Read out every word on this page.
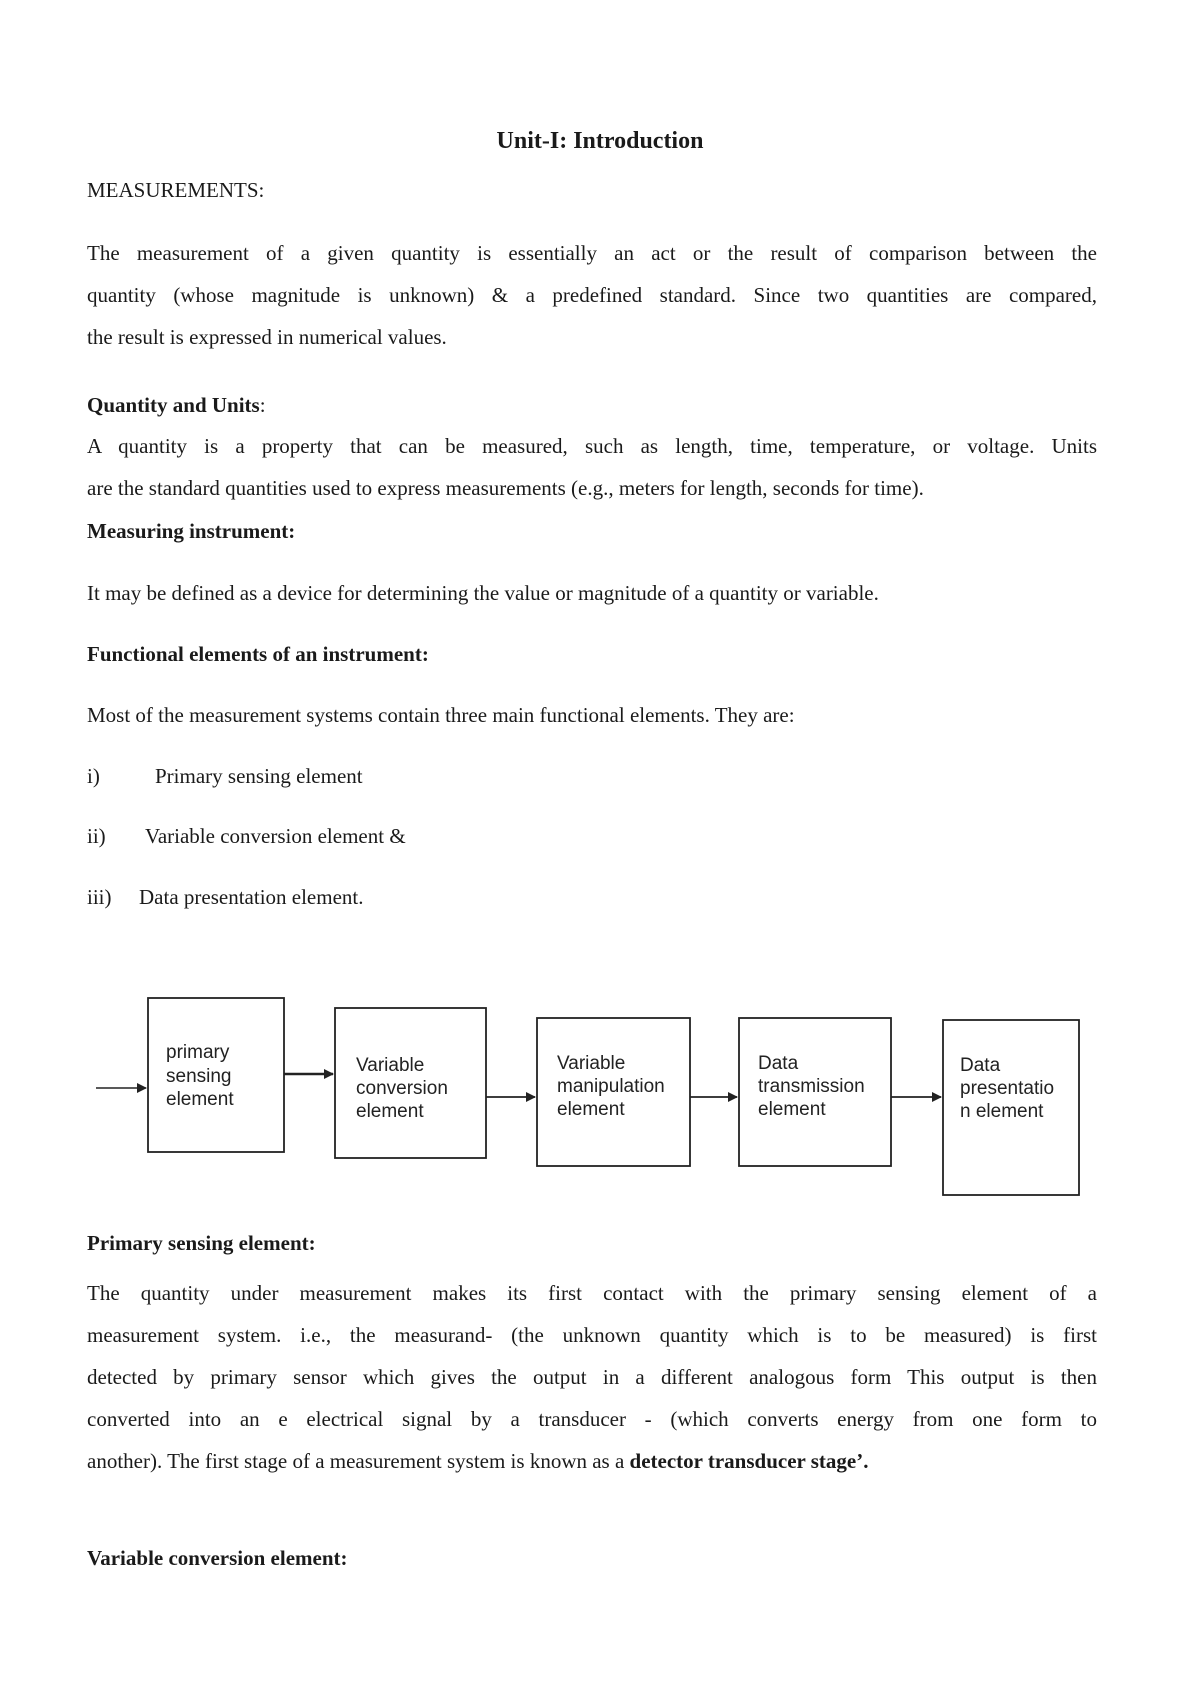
Unit-I: Introduction
MEASUREMENTS:
The measurement of a given quantity is essentially an act or the result of comparison between the
quantity (whose magnitude is unknown) & a predefined standard. Since two quantities are compared,
the result is expressed in numerical values.
Quantity and Units:
A quantity is a property that can be measured, such as length, time, temperature, or voltage. Units
are the standard quantities used to express measurements (e.g., meters for length, seconds for time).
Measuring instrument:
It may be defined as a device for determining the value or magnitude of a quantity or variable.
Functional elements of an instrument:
Most of the measurement systems contain three main functional elements. They are:
i)	Primary sensing element
ii) Variable conversion element &
iii) Data presentation element.
primary sensing element
Variable conversion element
Variable manipulation element
Data transmission element
Data presentatio n element
Primary sensing element:
The quantity under measurement makes its first contact with the primary sensing element of a
measurement system. i.e., the measurand- (the unknown quantity which is to be measured) is first
detected by primary sensor which gives the output in a different analogous form This output is then
converted into an e electrical signal by a transducer - (which converts energy from one form to
another). The first stage of a measurement system is known as a detector transducer stage’.
Variable conversion element:
